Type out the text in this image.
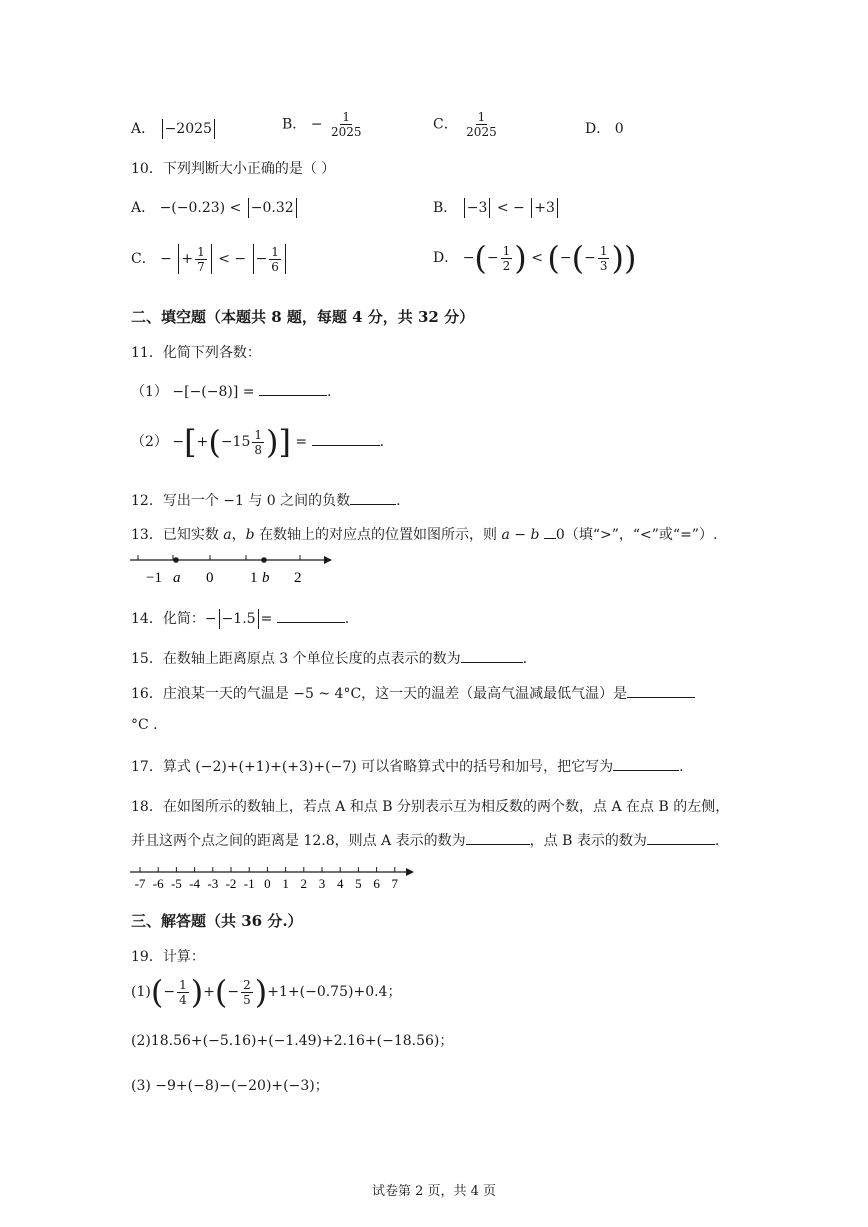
A． −2025	B． − $\frac{1}{2025}$	C． $\frac{1}{2025}$	D． 0
10．下列判断大小正确的是（ ）
A． −(−0.23) < −0.32	B． −3 < − +3
C． − + $\frac{1}{7}$ < − − $\frac{1}{6}$	D． −(− $\frac{1}{2}$ ) < (−(− $\frac{1}{3}$ ))
二、填空题（本题共 8 题，每题 4 分，共 32 分）
11．化简下列各数：
（1） −[−(−8)] =	.
$(2) -[+(-15 \frac{1}{8}$ )] =	.
12．写出一个 −1 与 0 之间的负数	.
13．已知实数 a，b 在数轴上的对应点的位置如图所示，则 a − b 0（填“>”，“<”或“=”）.
−1 a 0 1 b 2
14．化简：− −1.5 =	.
15．在数轴上距离原点 3 个单位长度的点表示的数为	.
16．庄浪某一天的气温是 −5 ~ 4°C，这一天的温差（最高气温减最低气温）是
°C .
17．算式 (−2)+(+1)+(+3)+(−7) 可以省略算式中的括号和加号，把它写为	.
18．在如图所示的数轴上，若点 A 和点 B 分别表示互为相反数的两个数，点 A 在点 B 的左侧，
并且这两个点之间的距离是 12.8，则点 A 表示的数为	，点 B 表示的数为	.
-7 -6 -5 -4 -3 -2 -1 0 1 2 3 4 5 6 7
三、解答题（共 36 分.）
19．计算：
$(1)(- \frac{1}{4}$ )+(− $\frac{2}{5} )+1+(-0.75)+0.4$；
(2)18.56+(−5.16)+(−1.49)+2.16+(−18.56)；
(3) −9+(−8)−(−20)+(−3)；
试卷第 2 页，共 4 页
